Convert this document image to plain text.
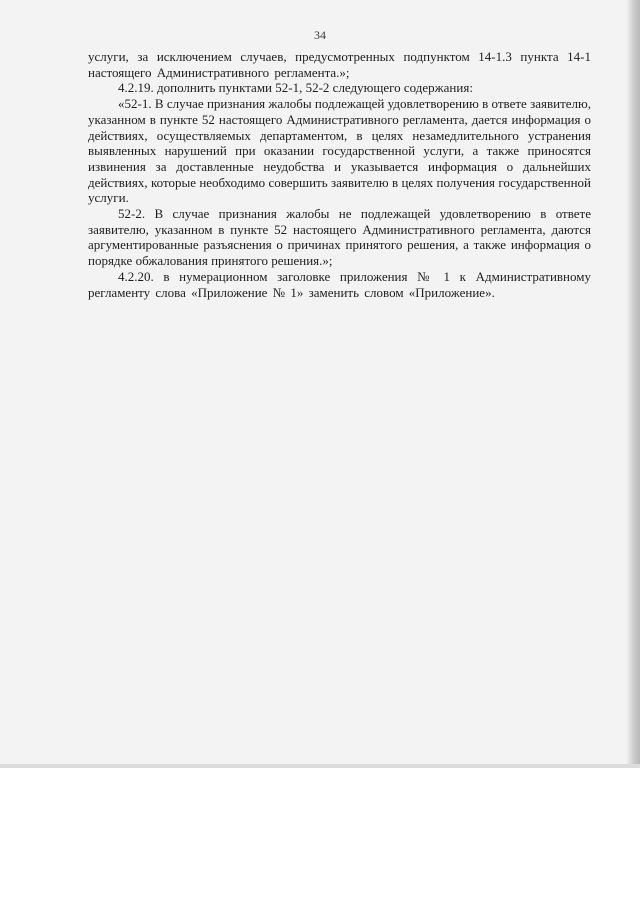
34

услуги, за исключением случаев, предусмотренных подпунктом 14-1.3 пункта 14-1 настоящего Административного регламента.»;

4.2.19. дополнить пунктами 52-1, 52-2 следующего содержания:

«52-1. В случае признания жалобы подлежащей удовлетворению в ответе заявителю, указанном в пункте 52 настоящего Административного регламента, дается информация о действиях, осуществляемых департаментом, в целях незамедлительного устранения выявленных нарушений при оказании государственной услуги, а также приносятся извинения за доставленные неудобства и указывается информация о дальнейших действиях, которые необходимо совершить заявителю в целях получения государственной услуги.

52-2. В случае признания жалобы не подлежащей удовлетворению в ответе заявителю, указанном в пункте 52 настоящего Административного регламента, даются аргументированные разъяснения о причинах принятого решения, а также информация о порядке обжалования принятого решения.»;

4.2.20. в нумерационном заголовке приложения № 1 к Административному регламенту слова «Приложение № 1» заменить словом «Приложение».
